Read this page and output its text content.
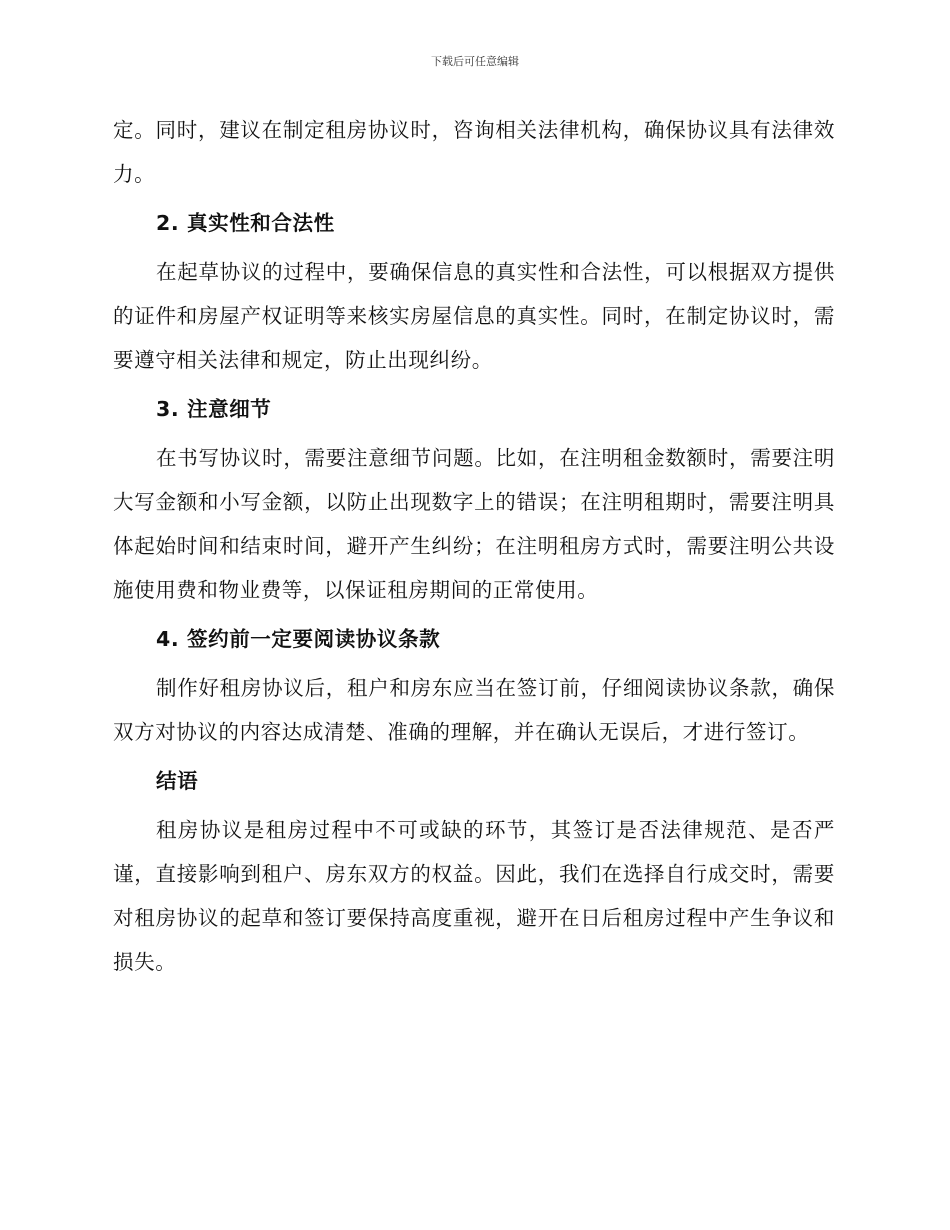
下载后可任意编辑

定。同时，建议在制定租房协议时，咨询相关法律机构，确保协议具有法律效力。

2. 真实性和合法性

在起草协议的过程中，要确保信息的真实性和合法性，可以根据双方提供的证件和房屋产权证明等来核实房屋信息的真实性。同时，在制定协议时，需要遵守相关法律和规定，防止出现纠纷。

3. 注意细节

在书写协议时，需要注意细节问题。比如，在注明租金数额时，需要注明大写金额和小写金额，以防止出现数字上的错误；在注明租期时，需要注明具体起始时间和结束时间，避开产生纠纷；在注明租房方式时，需要注明公共设施使用费和物业费等，以保证租房期间的正常使用。

4. 签约前一定要阅读协议条款

制作好租房协议后，租户和房东应当在签订前，仔细阅读协议条款，确保双方对协议的内容达成清楚、准确的理解，并在确认无误后，才进行签订。

结语

租房协议是租房过程中不可或缺的环节，其签订是否法律规范、是否严谨，直接影响到租户、房东双方的权益。因此，我们在选择自行成交时，需要对租房协议的起草和签订要保持高度重视，避开在日后租房过程中产生争议和损失。
